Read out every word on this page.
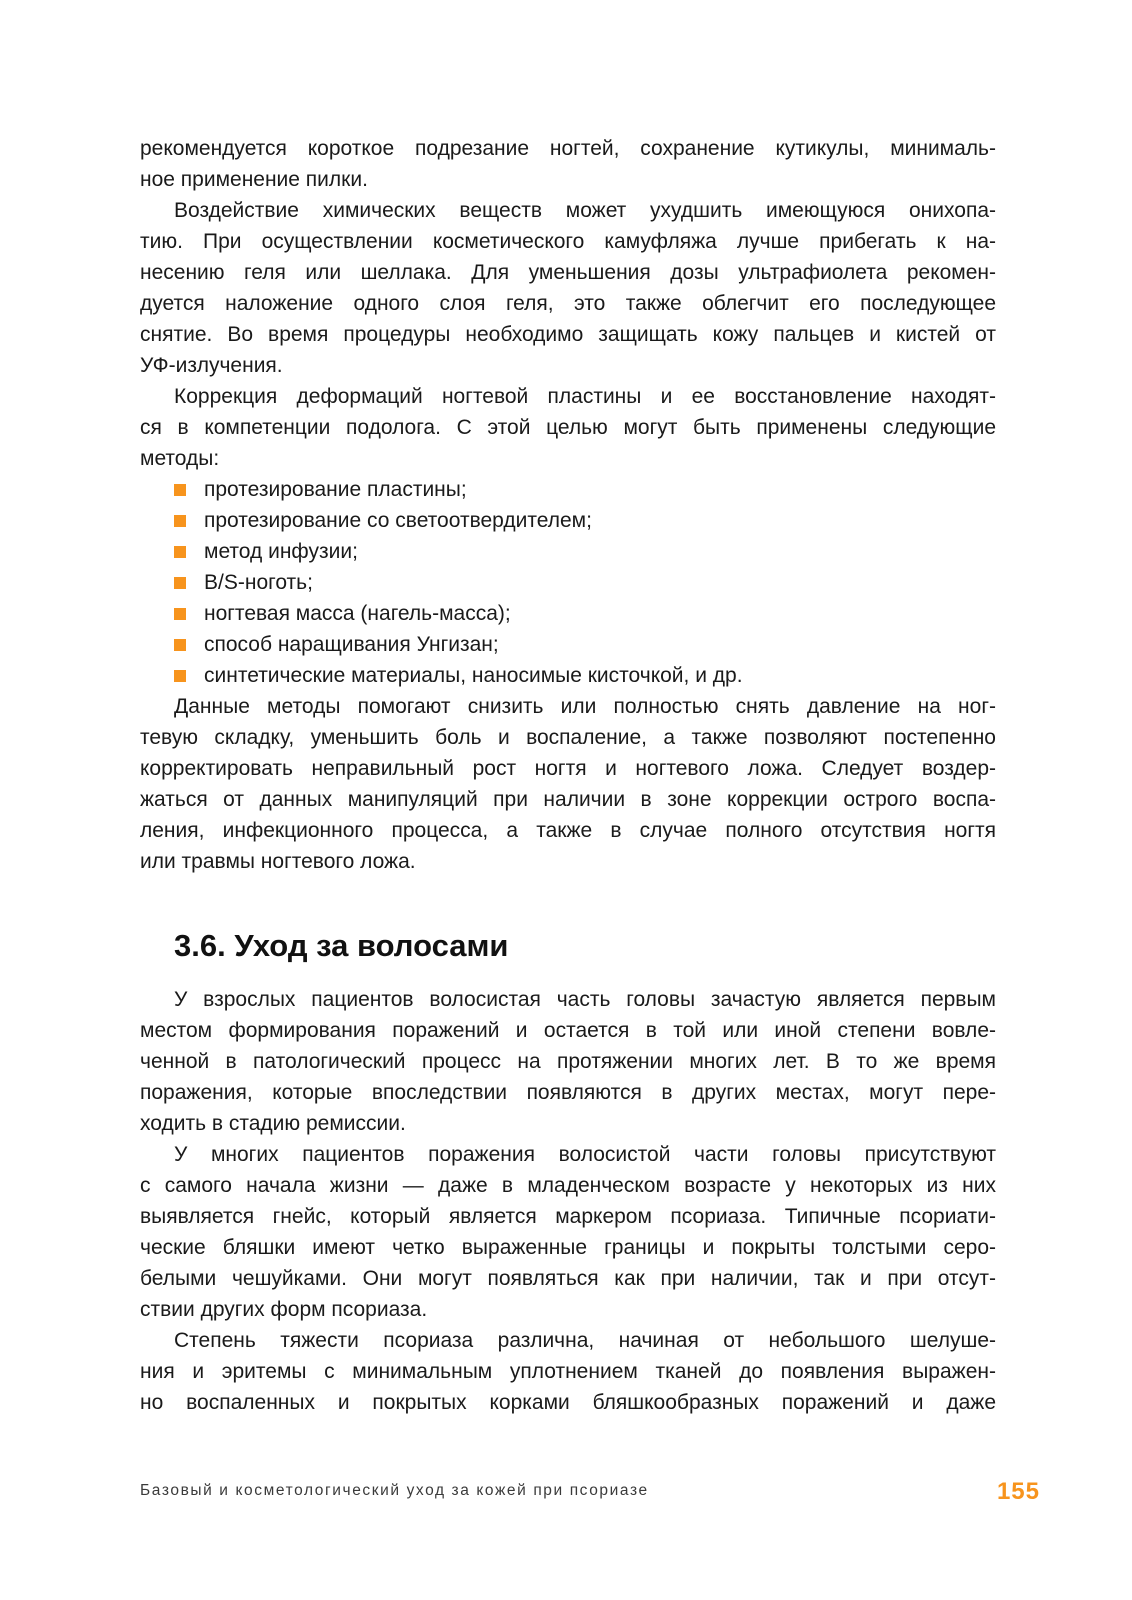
рекомендуется короткое подрезание ногтей, сохранение кутикулы, минималь-
ное применение пилки.
Воздействие химических веществ может ухудшить имеющуюся онихопа-
тию. При осуществлении косметического камуфляжа лучше прибегать к на-
несению геля или шеллака. Для уменьшения дозы ультрафиолета рекомен-
дуется наложение одного слоя геля, это также облегчит его последующее
снятие. Во время процедуры необходимо защищать кожу пальцев и кистей от
УФ-излучения.
Коррекция деформаций ногтевой пластины и ее восстановление находят-
ся в компетенции подолога. С этой целью могут быть применены следующие
методы:
протезирование пластины;
протезирование со светоотвердителем;
метод инфузии;
B/S-ноготь;
ногтевая масса (нагель-масса);
способ наращивания Унгизан;
синтетические материалы, наносимые кисточкой, и др.
Данные методы помогают снизить или полностью снять давление на ног-
тевую складку, уменьшить боль и воспаление, а также позволяют постепенно
корректировать неправильный рост ногтя и ногтевого ложа. Следует воздер-
жаться от данных манипуляций при наличии в зоне коррекции острого воспа-
ления, инфекционного процесса, а также в случае полного отсутствия ногтя
или травмы ногтевого ложа.
3.6. Уход за волосами
У взрослых пациентов волосистая часть головы зачастую является первым
местом формирования поражений и остается в той или иной степени вовле-
ченной в патологический процесс на протяжении многих лет. В то же время
поражения, которые впоследствии появляются в других местах, могут пере-
ходить в стадию ремиссии.
У многих пациентов поражения волосистой части головы присутствуют
с самого начала жизни — даже в младенческом возрасте у некоторых из них
выявляется гнейс, который является маркером псориаза. Типичные псориати-
ческие бляшки имеют четко выраженные границы и покрыты толстыми серо-
белыми чешуйками. Они могут появляться как при наличии, так и при отсут-
ствии других форм псориаза.
Степень тяжести псориаза различна, начиная от небольшого шелуше-
ния и эритемы с минимальным уплотнением тканей до появления выражен-
но воспаленных и покрытых корками бляшкообразных поражений и даже
Базовый и косметологический уход за кожей при псориазе	155
